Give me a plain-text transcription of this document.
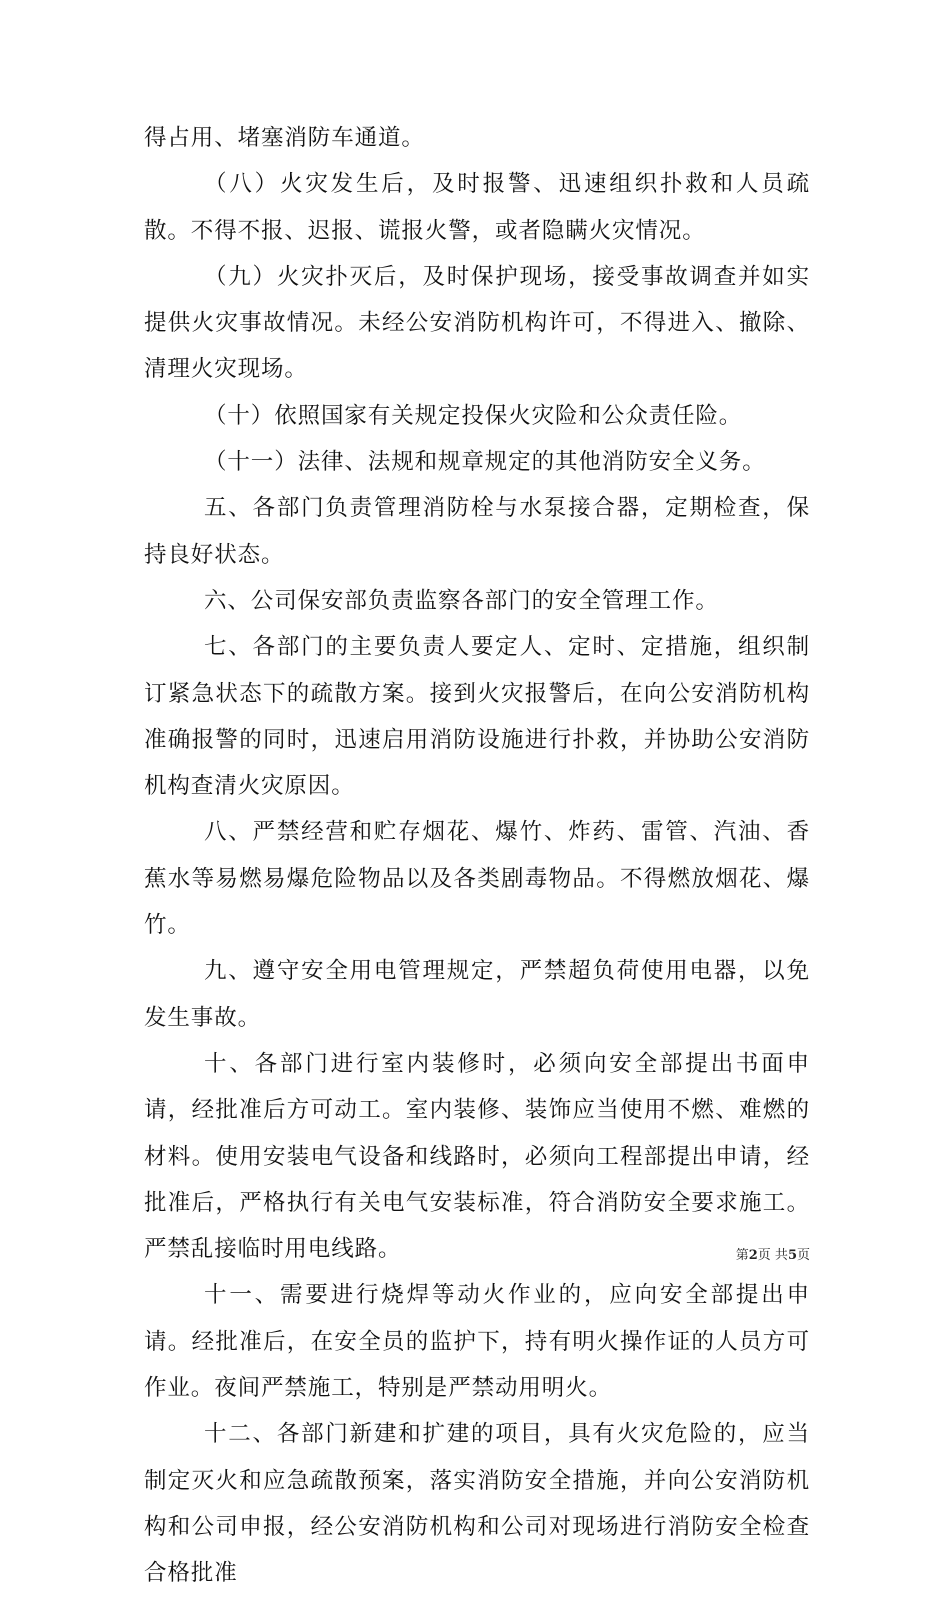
得占用、堵塞消防车通道。

（八）火灾发生后，及时报警、迅速组织扑救和人员疏散。不得不报、迟报、谎报火警，或者隐瞒火灾情况。

（九）火灾扑灭后，及时保护现场，接受事故调查并如实提供火灾事故情况。未经公安消防机构许可，不得进入、撤除、清理火灾现场。

（十）依照国家有关规定投保火灾险和公众责任险。

（十一）法律、法规和规章规定的其他消防安全义务。

五、各部门负责管理消防栓与水泵接合器，定期检查，保持良好状态。

六、公司保安部负责监察各部门的安全管理工作。

七、各部门的主要负责人要定人、定时、定措施，组织制订紧急状态下的疏散方案。接到火灾报警后，在向公安消防机构准确报警的同时，迅速启用消防设施进行扑救，并协助公安消防机构查清火灾原因。

八、严禁经营和贮存烟花、爆竹、炸药、雷管、汽油、香蕉水等易燃易爆危险物品以及各类剧毒物品。不得燃放烟花、爆竹。

九、遵守安全用电管理规定，严禁超负荷使用电器，以免发生事故。

十、各部门进行室内装修时，必须向安全部提出书面申请，经批准后方可动工。室内装修、装饰应当使用不燃、难燃的材料。使用安装电气设备和线路时，必须向工程部提出申请，经批准后，严格执行有关电气安装标准，符合消防安全要求施工。严禁乱接临时用电线路。

十一、需要进行烧焊等动火作业的，应向安全部提出申请。经批准后，在安全员的监护下，持有明火操作证的人员方可作业。夜间严禁施工，特别是严禁动用明火。

十二、各部门新建和扩建的项目，具有火灾危险的，应当制定灭火和应急疏散预案，落实消防安全措施，并向公安消防机构和公司申报，经公安消防机构和公司对现场进行消防安全检查合格批准

第2页 共5页
